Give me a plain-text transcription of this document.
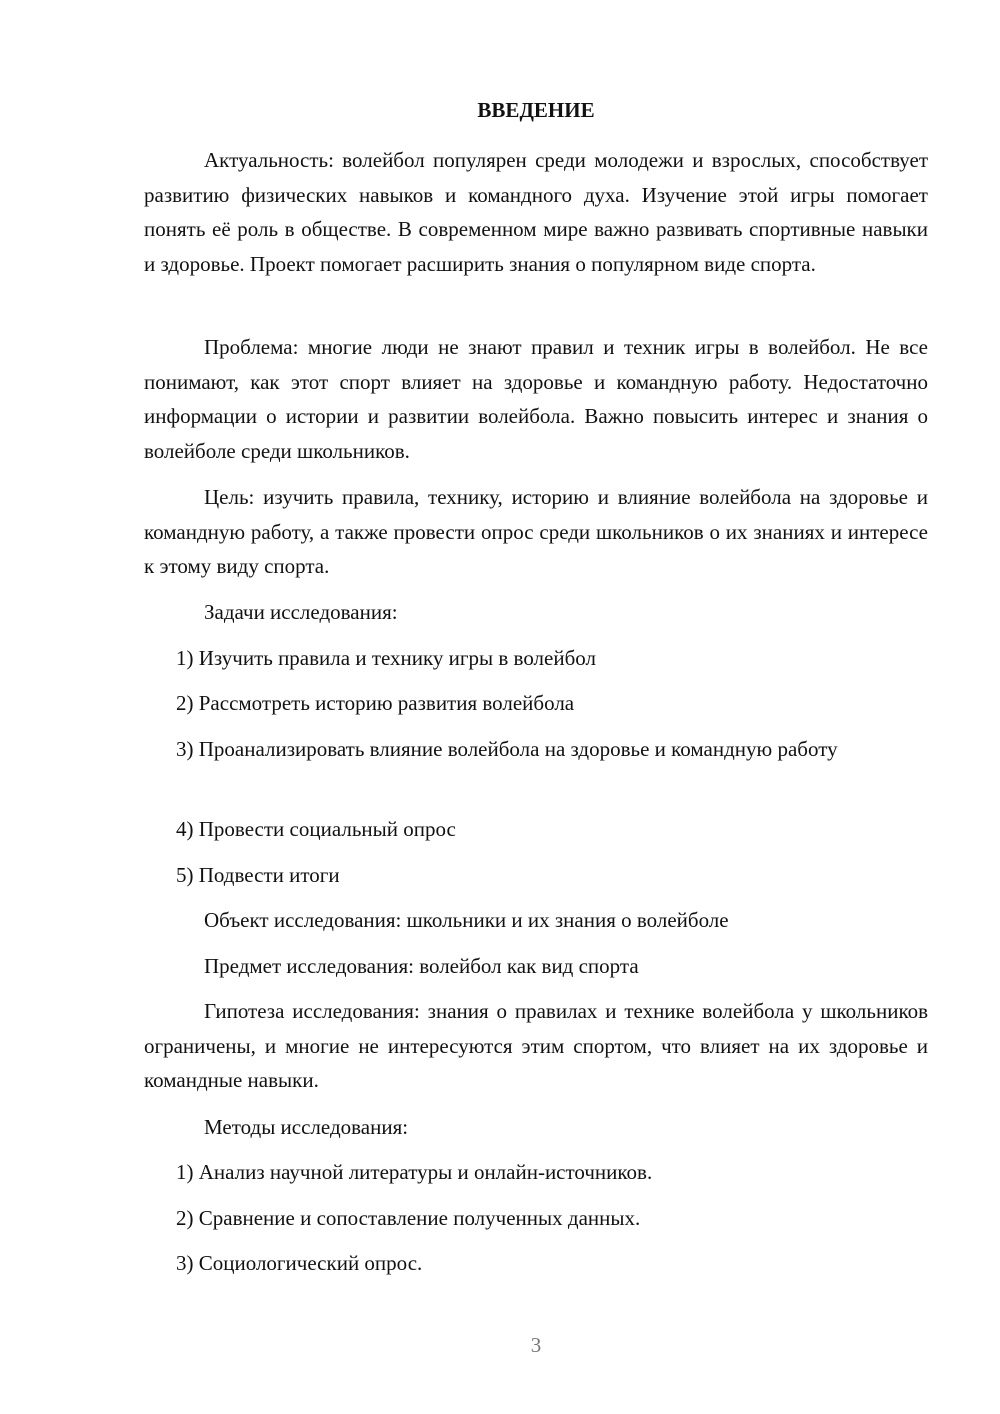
ВВЕДЕНИЕ

Актуальность: волейбол популярен среди молодежи и взрослых, способствует развитию физических навыков и командного духа. Изучение этой игры помогает понять её роль в обществе. В современном мире важно развивать спортивные навыки и здоровье. Проект помогает расширить знания о популярном виде спорта.

Проблема: многие люди не знают правил и техник игры в волейбол. Не все понимают, как этот спорт влияет на здоровье и командную работу. Недостаточно информации о истории и развитии волейбола. Важно повысить интерес и знания о волейболе среди школьников.

Цель: изучить правила, технику, историю и влияние волейбола на здоровье и командную работу, а также провести опрос среди школьников о их знаниях и интересе к этому виду спорта.

Задачи исследования:

1) Изучить правила и технику игры в волейбол

2) Рассмотреть историю развития волейбола

3) Проанализировать влияние волейбола на здоровье и командную работу

4) Провести социальный опрос

5) Подвести итоги

Объект исследования: школьники и их знания о волейболе

Предмет исследования: волейбол как вид спорта

Гипотеза исследования: знания о правилах и технике волейбола у школьников ограничены, и многие не интересуются этим спортом, что влияет на их здоровье и командные навыки.

Методы исследования:

1) Анализ научной литературы и онлайн-источников.

2) Сравнение и сопоставление полученных данных.

3) Социологический опрос.

3
